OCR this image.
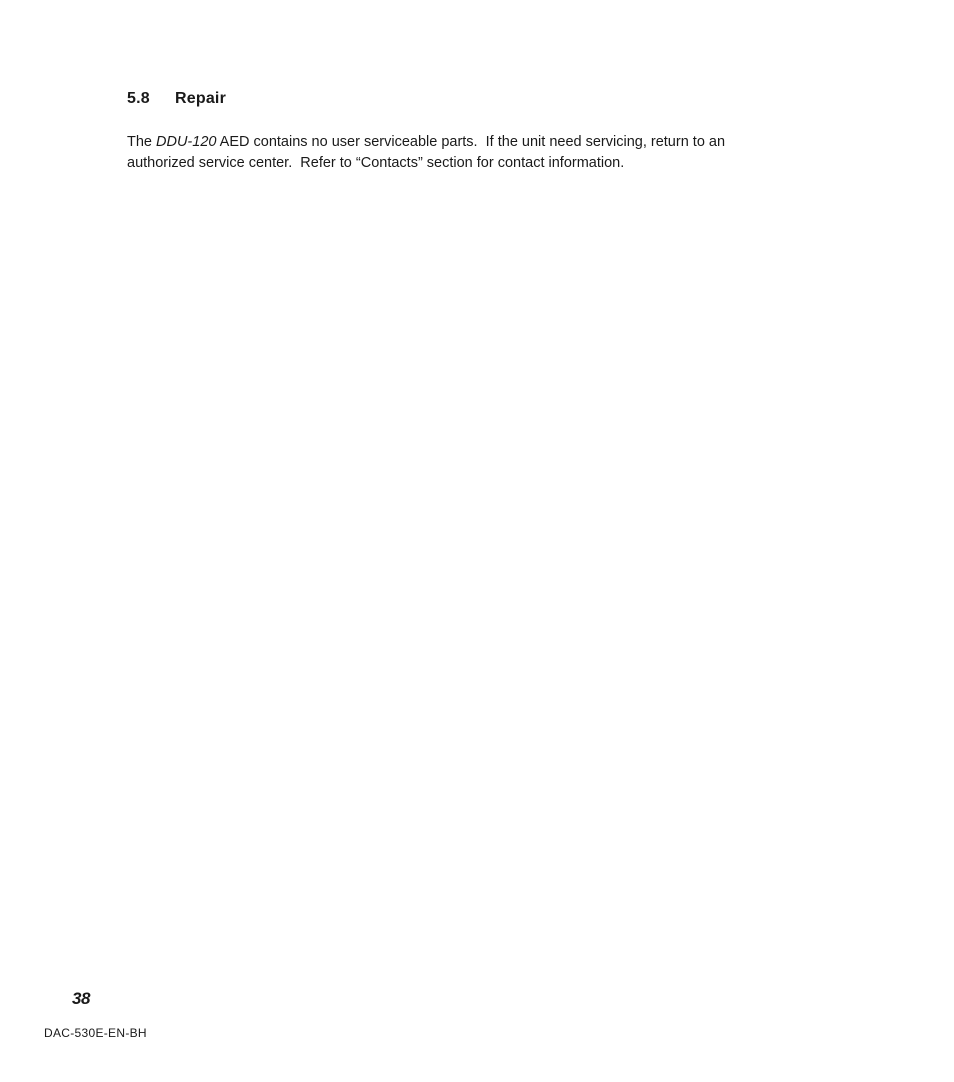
5.8 Repair
The DDU-120 AED contains no user serviceable parts.  If the unit need servicing, return to an
authorized service center.  Refer to “Contacts” section for contact information.
38
DAC-530E-EN-BH
